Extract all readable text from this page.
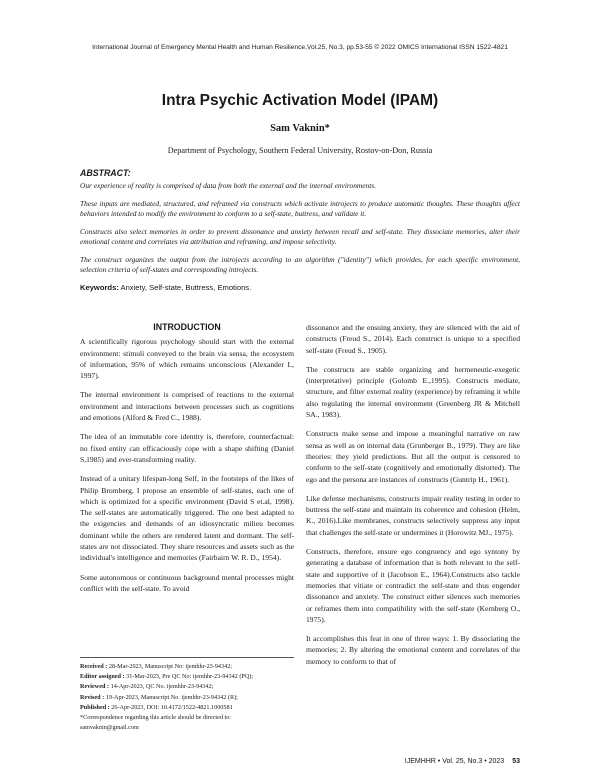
International Journal of Emergency Mental Health and Human Resilience,Vol.25, No.3, pp.53-55 © 2022 OMICS International ISSN 1522-4821
Intra Psychic Activation Model (IPAM)
Sam Vaknin*
Department of Psychology, Southern Federal University, Rostov-on-Don, Russia
ABSTRACT:

Our experience of reality is comprised of data from both the external and the internal environments.

These inputs are mediated, structured, and reframed via constructs which activate introjects to produce automatic thoughts. These thoughts affect behaviors intended to modify the environment to conform to a self-state, buttress, and validate it.

Constructs also select memories in order to prevent dissonance and anxiety between recall and self-state. They dissociate memories, alter their emotional content and correlates via attribution and reframing, and impose selectivity.

The construct organizes the output from the introjects according to an algorithm ("identity") which provides, for each specific environment, selection criteria of self-states and corresponding introjects.

Keywords: Anxiety, Self-state, Buttress, Emotions.

INTRODUCTION

A scientifically rigorous psychology should start with the external environment: stimuli conveyed to the brain via sensa, the ecosystem of information, 95% of which remains unconscious (Alexander L, 1997).

The internal environment is comprised of reactions to the external environment and interactions between processes such as cognitions and emotions (Alford & Fred C., 1988).

The idea of an immutable core identity is, therefore, counterfactual: no fixed entity can efficaciously cope with a shape shifting (Daniel S,1985) and ever-transforming reality.

Instead of a unitary lifespan-long Self, in the footsteps of the likes of Philip Bromberg, I propose an ensemble of self-states, each one of which is optimized for a specific environment (David S et.al, 1998). The self-states are automatically triggered. The one best adapted to the exigencies and demands of an idiosyncratic milieu becomes dominant while the others are rendered latent and dormant. The self-states are not dissociated. They share resources and assets such as the individual's intelligence and memories (Fairbairn W. R. D., 1954).

Some autonomous or continuous background mental processes might conflict with the self-state. To avoid

dissonance and the ensuing anxiety, they are silenced with the aid of constructs (Freud S., 2014). Each construct is unique to a specified self-state (Freud S., 1905).

The constructs are stable organizing and hermeneutic-exegetic (interpretative) principle (Golomb E.,1995). Constructs mediate, structure, and filter external reality (experience) by reframing it while also regulating the internal environment (Greenberg JR & Mitchell SA., 1983).

Constructs make sense and impose a meaningful narrative on raw sensa as well as on internal data (Grunberger B., 1979). They are like theories: they yield predictions. But all the output is censored to conform to the self-state (cognitively and emotionally distorted). The ego and the persona are instances of constructs (Guntrip H., 1961).

Like defense mechanisms, constructs impair reality testing in order to buttress the self-state and maintain its coherence and cohesion (Helm, K., 2016).Like membranes, constructs selectively suppress any input that challenges the self-state or undermines it (Horowitz MJ., 1975).

Constructs, therefore, ensure ego congruency and ego syntony by generating a database of information that is both relevant to the self-state and supportive of it (Jacobson E., 1964).Constructs also tackle memories that vitiate or contradict the self-state and thus engender dissonance and anxiety. The construct either silences such memories or reframes them into compatibility with the self-state (Kernberg O., 1975).

It accomplishes this feat in one of three ways: 1. By dissociating the memories; 2. By altering the emotional content and correlates of the memory to conform to that of

Received : 28-Mar-2023, Manuscript No: ijemhhr-23-94342;
Editor assigned : 31-Mar-2023, Pre QC No: ijemhhr-23-94342 (PQ);
Reviewed : 14-Apr-2023, QC No. ijemhhr-23-94342;
Revised : 19-Apr-2023, Manuscript No. ijemhhr-23-94342 (R);
Published : 26-Apr-2023, DOI: 10.4172/1522-4821.1000581
*Correspondence regarding this article should be directed to:
samvaknin@gmail.com
IJEMHHR • Vol. 25, No.3 • 2023 53
